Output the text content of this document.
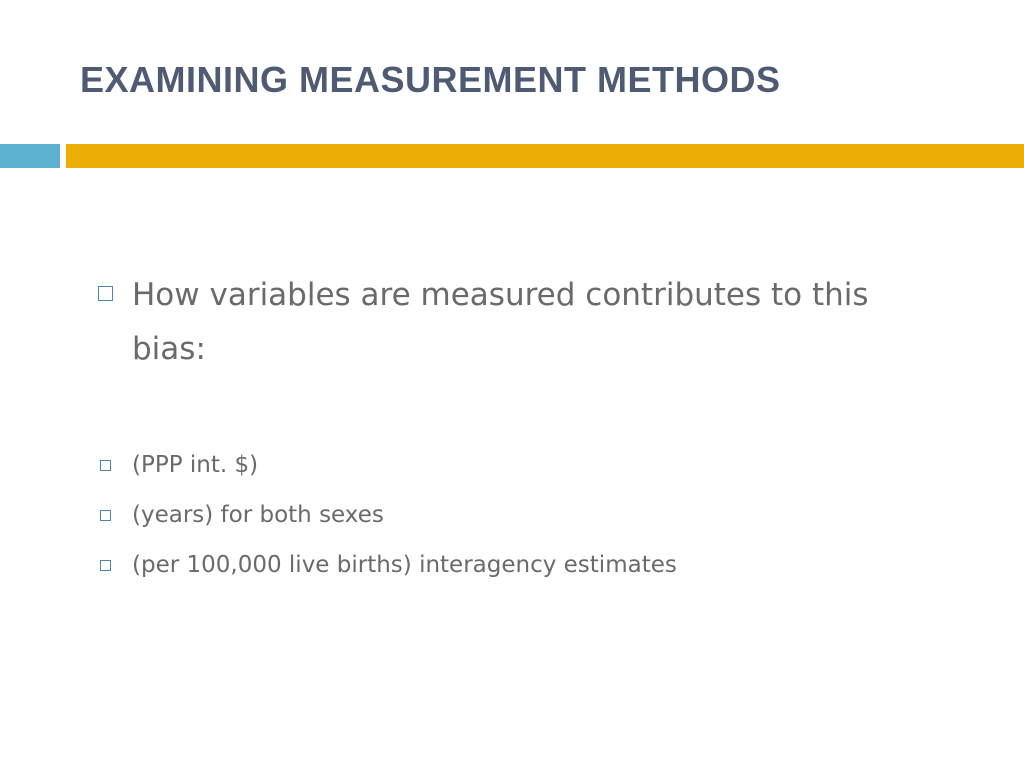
EXAMINING MEASUREMENT METHODS
How variables are measured contributes to this bias:
(PPP int. $)
(years) for both sexes
(per 100,000 live births) interagency estimates
